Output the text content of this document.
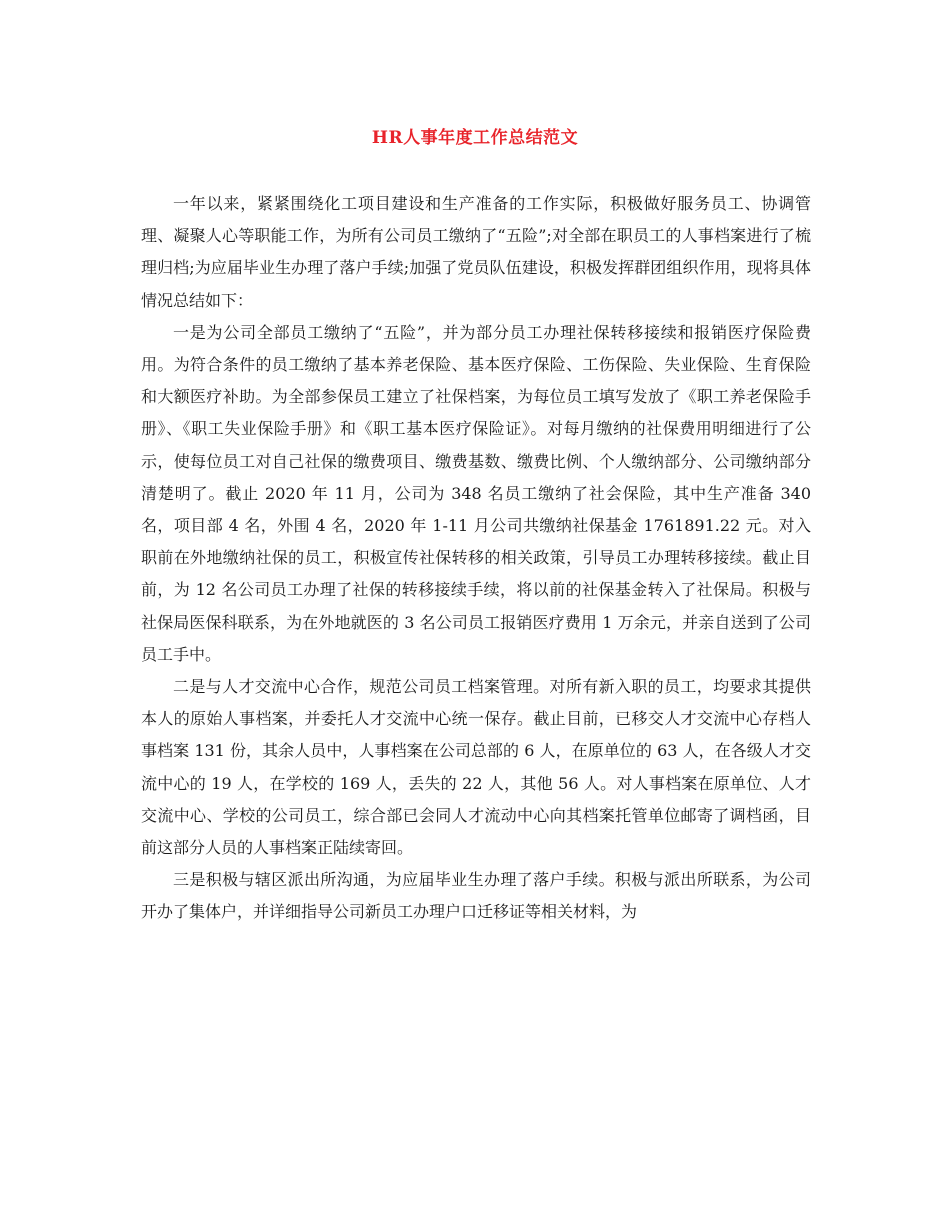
HR人事年度工作总结范文

一年以来，紧紧围绕化工项目建设和生产准备的工作实际，积极做好服务员工、协调管理、凝聚人心等职能工作，为所有公司员工缴纳了“五险”;对全部在职员工的人事档案进行了梳理归档;为应届毕业生办理了落户手续;加强了党员队伍建设，积极发挥群团组织作用，现将具体情况总结如下：

一是为公司全部员工缴纳了“五险”，并为部分员工办理社保转移接续和报销医疗保险费用。为符合条件的员工缴纳了基本养老保险、基本医疗保险、工伤保险、失业保险、生育保险和大额医疗补助。为全部参保员工建立了社保档案，为每位员工填写发放了《职工养老保险手册》、《职工失业保险手册》和《职工基本医疗保险证》。对每月缴纳的社保费用明细进行了公示，使每位员工对自己社保的缴费项目、缴费基数、缴费比例、个人缴纳部分、公司缴纳部分清楚明了。截止 2020 年 11 月，公司为 348 名员工缴纳了社会保险，其中生产准备 340 名，项目部 4 名，外围 4 名，2020 年 1-11 月公司共缴纳社保基金 1761891.22 元。对入职前在外地缴纳社保的员工，积极宣传社保转移的相关政策，引导员工办理转移接续。截止目前，为 12 名公司员工办理了社保的转移接续手续，将以前的社保基金转入了社保局。积极与社保局医保科联系，为在外地就医的 3 名公司员工报销医疗费用 1 万余元，并亲自送到了公司员工手中。

二是与人才交流中心合作，规范公司员工档案管理。对所有新入职的员工，均要求其提供本人的原始人事档案，并委托人才交流中心统一保存。截止目前，已移交人才交流中心存档人事档案 131 份，其余人员中，人事档案在公司总部的 6 人，在原单位的 63 人，在各级人才交流中心的 19 人，在学校的 169 人，丢失的 22 人，其他 56 人。对人事档案在原单位、人才交流中心、学校的公司员工，综合部已会同人才流动中心向其档案托管单位邮寄了调档函，目前这部分人员的人事档案正陆续寄回。

三是积极与辖区派出所沟通，为应届毕业生办理了落户手续。积极与派出所联系，为公司开办了集体户，并详细指导公司新员工办理户口迁移证等相关材料，为
